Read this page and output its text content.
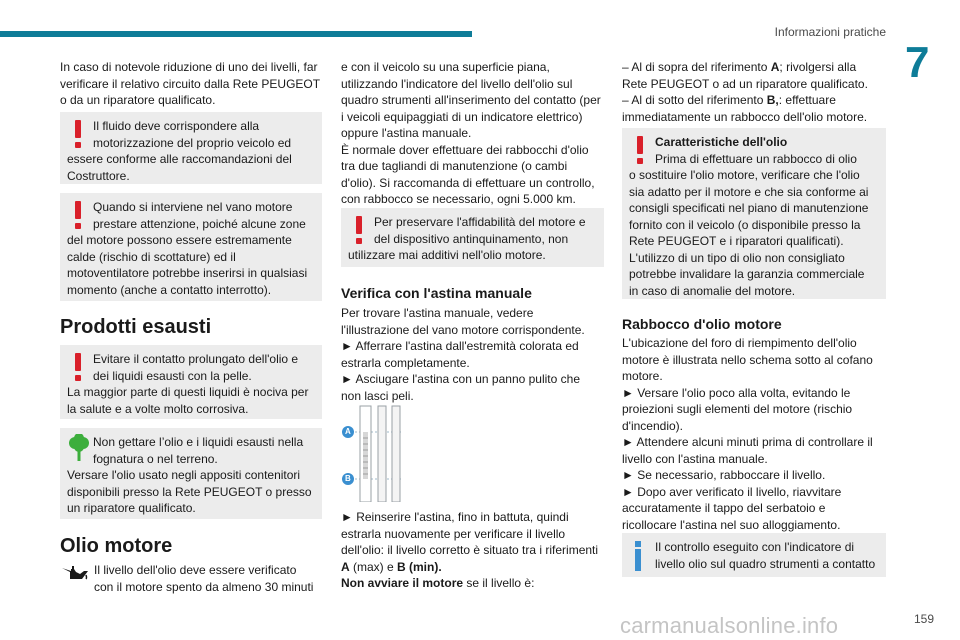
Informazioni pratiche
7

In caso di notevole riduzione di uno dei livelli, far

verificare il relativo circuito dalla Rete PEUGEOT

o da un riparatore qualificato.

Il fluido deve corrispondere alla

motorizzazione del proprio veicolo ed

essere conforme alle raccomandazioni del

Costruttore.

Quando si interviene nel vano motore

prestare attenzione, poiché alcune zone

del motore possono essere estremamente

calde (rischio di scottature) ed il

motoventilatore potrebbe inserirsi in qualsiasi

momento (anche a contatto interrotto).

Prodotti esausti

Evitare il contatto prolungato dell'olio e

dei liquidi esausti con la pelle.

La maggior parte di questi liquidi è nociva per

la salute e a volte molto corrosiva.

Non gettare l’olio e i liquidi esausti nella

fognatura o nel terreno.

Versare l'olio usato negli appositi contenitori

disponibili presso la Rete PEUGEOT o presso

un riparatore qualificato.

Olio motore

Il livello dell'olio deve essere verificato

con il motore spento da almeno 30 minuti

e con il veicolo su una superficie piana,

utilizzando l'indicatore del livello dell'olio sul

quadro strumenti all'inserimento del contatto (per

i veicoli equipaggiati di un indicatore elettrico)

oppure l'astina manuale.

È normale dover effettuare dei rabbocchi d'olio

tra due tagliandi di manutenzione (o cambi

d'olio). Si raccomanda di effettuare un controllo,

con rabbocco se necessario, ogni 5.000 km.

Per preservare l'affidabilità del motore e

del dispositivo antinquinamento, non

utilizzare mai additivi nell'olio motore.

Verifica con l'astina manuale

Per trovare l'astina manuale, vedere

l'illustrazione del vano motore corrispondente.

► Afferrare l'astina dall'estremità colorata ed

estrarla completamente.

► Asciugare l'astina con un panno pulito che

non lasci peli.

A
B

► Reinserire l'astina, fino in battuta, quindi

estrarla nuovamente per verificare il livello

dell'olio: il livello corretto è situato tra i riferimenti

A (max) e B (min).

Non avviare il motore se il livello è:

– Al di sopra del riferimento A; rivolgersi alla

Rete PEUGEOT o ad un riparatore qualificato.

– Al di sotto del riferimento B,: effettuare

immediatamente un rabbocco dell'olio motore.

Caratteristiche dell'olio

Prima di effettuare un rabbocco di olio

o sostituire l'olio motore, verificare che l'olio

sia adatto per il motore e che sia conforme ai

consigli specificati nel piano di manutenzione

fornito con il veicolo (o disponibile presso la

Rete PEUGEOT e i riparatori qualificati).

L'utilizzo di un tipo di olio non consigliato

potrebbe invalidare la garanzia commerciale

in caso di anomalie del motore.

Rabbocco d'olio motore

L'ubicazione del foro di riempimento dell'olio

motore è illustrata nello schema sotto al cofano

motore.

► Versare l'olio poco alla volta, evitando le

proiezioni sugli elementi del motore (rischio

d'incendio).

► Attendere alcuni minuti prima di controllare il

livello con l'astina manuale.

► Se necessario, rabboccare il livello.

► Dopo aver verificato il livello, riavvitare

accuratamente il tappo del serbatoio e

ricollocare l'astina nel suo alloggiamento.

Il controllo eseguito con l'indicatore di

livello olio sul quadro strumenti a contatto

carmanualsonline.info	159
